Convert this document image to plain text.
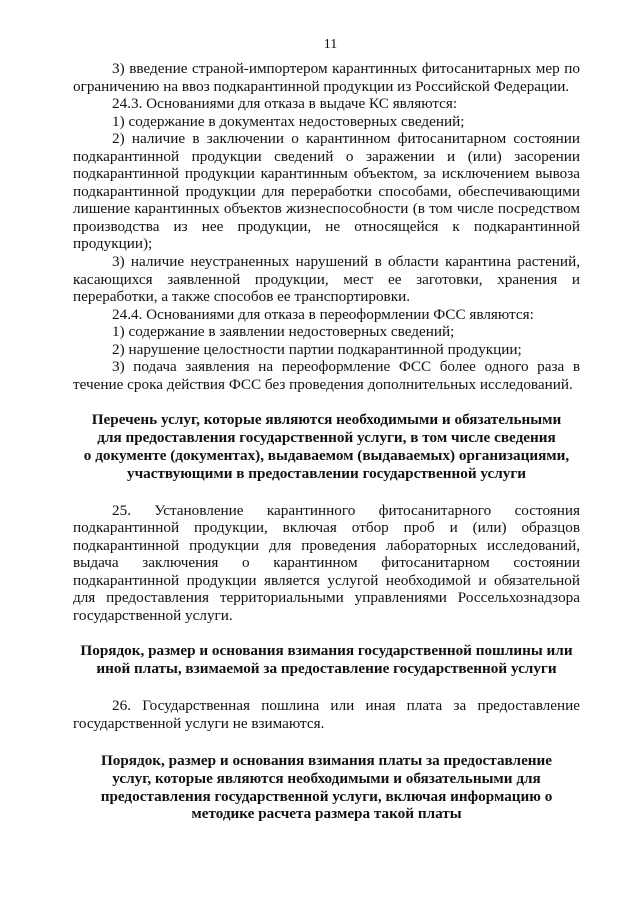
11

3) введение страной-импортером карантинных фитосанитарных мер по ограничению на ввоз подкарантинной продукции из Российской Федерации.

24.3. Основаниями для отказа в выдаче КС являются:

1) содержание в документах недостоверных сведений;

2) наличие в заключении о карантинном фитосанитарном состоянии подкарантинной продукции сведений о заражении и (или) засорении подкарантинной продукции карантинным объектом, за исключением вывоза подкарантинной продукции для переработки способами, обеспечивающими лишение карантинных объектов жизнеспособности (в том числе посредством производства из нее продукции, не относящейся к подкарантинной продукции);

3) наличие неустраненных нарушений в области карантина растений, касающихся заявленной продукции, мест ее заготовки, хранения и переработки, а также способов ее транспортировки.

24.4. Основаниями для отказа в переоформлении ФСС являются:

1) содержание в заявлении недостоверных сведений;

2) нарушение целостности партии подкарантинной продукции;

3) подача заявления на переоформление ФСС более одного раза в течение срока действия ФСС без проведения дополнительных исследований.

Перечень услуг, которые являются необходимыми и обязательными

для предоставления государственной услуги, в том числе сведения

о документе (документах), выдаваемом (выдаваемых) организациями,

участвующими в предоставлении государственной услуги

25. Установление карантинного фитосанитарного состояния подкарантинной продукции, включая отбор проб и (или) образцов подкарантинной продукции для проведения лабораторных исследований, выдача заключения о карантинном фитосанитарном состоянии подкарантинной продукции является услугой необходимой и обязательной для предоставления территориальными управлениями Россельхознадзора государственной услуги.

Порядок, размер и основания взимания государственной пошлины или

иной платы, взимаемой за предоставление государственной услуги

26. Государственная пошлина или иная плата за предоставление государственной услуги не взимаются.

Порядок, размер и основания взимания платы за предоставление

услуг, которые являются необходимыми и обязательными для

предоставления государственной услуги, включая информацию о

методике расчета размера такой платы
